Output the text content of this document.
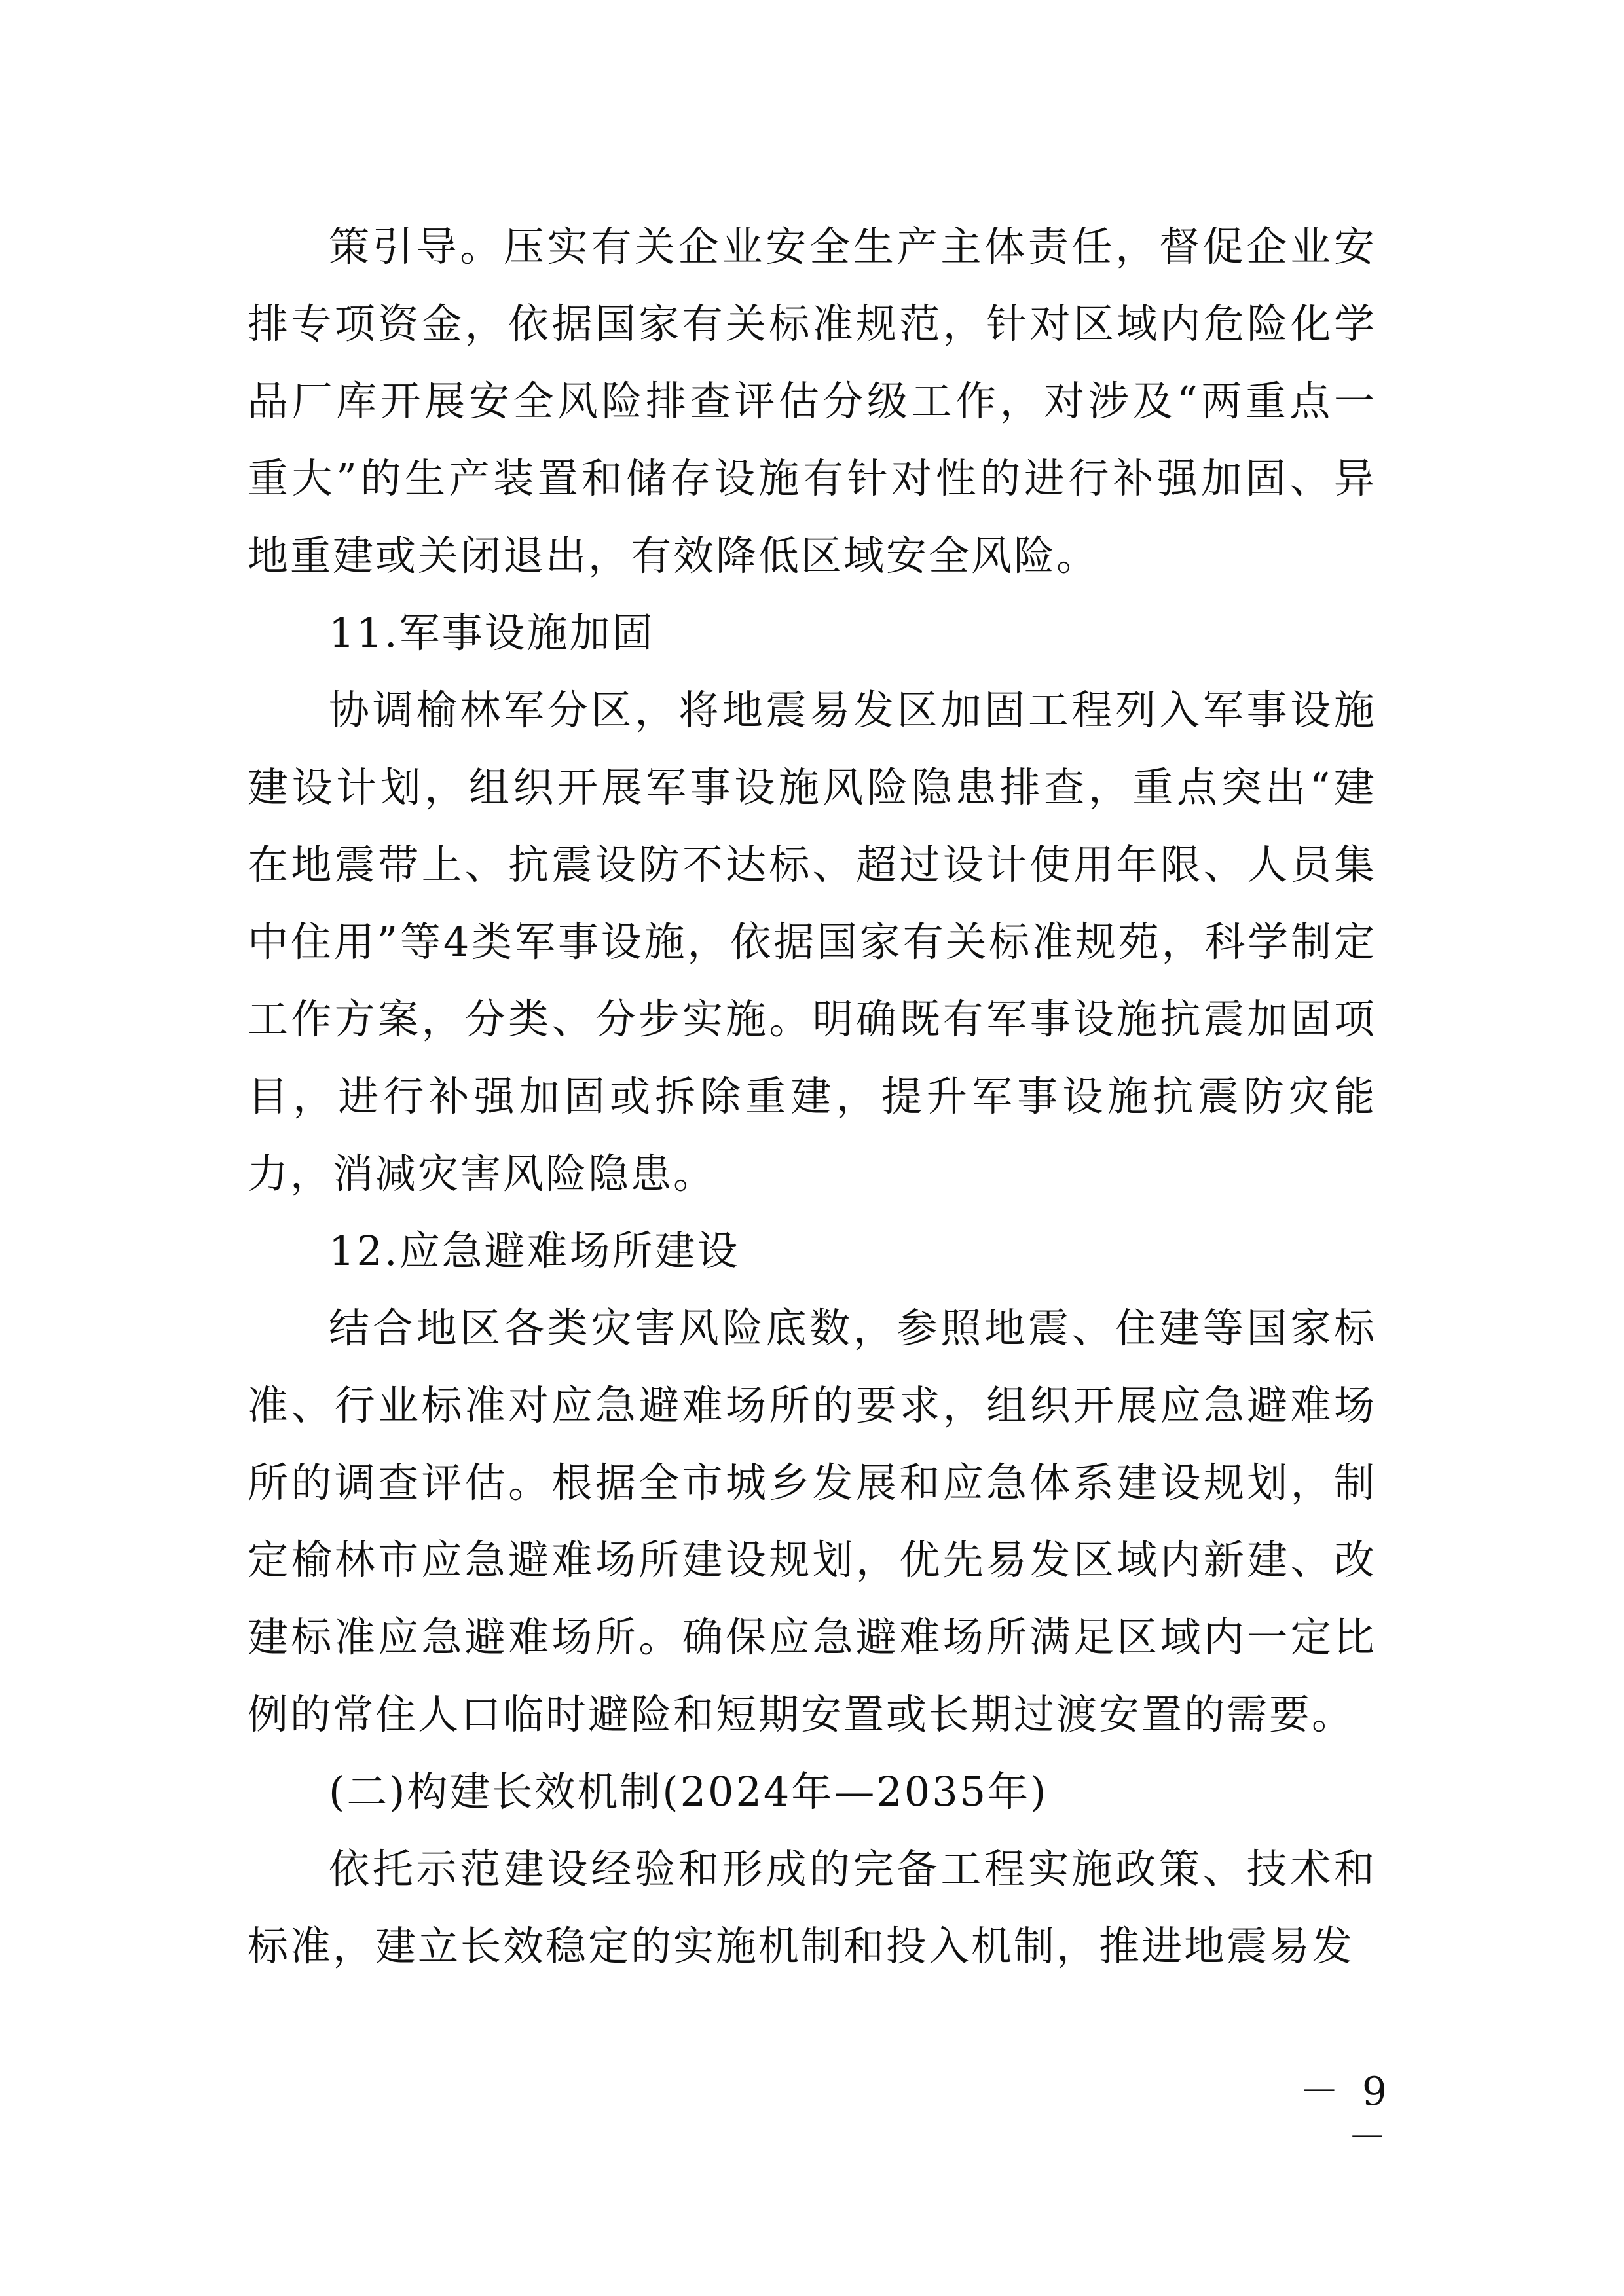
策引导。压实有关企业安全生产主体责任，督促企业安排专项资金，依据国家有关标准规范，针对区域内危险化学品厂库开展安全风险排查评估分级工作，对涉及“两重点一重大”的生产装置和储存设施有针对性的进行补强加固、异地重建或关闭退出，有效降低区域安全风险。

11.军事设施加固

协调榆林军分区，将地震易发区加固工程列入军事设施建设计划，组织开展军事设施风险隐患排查，重点突出“建在地震带上、抗震设防不达标、超过设计使用年限、人员集中住用”等4类军事设施，依据国家有关标准规苑，科学制定工作方案，分类、分步实施。明确既有军事设施抗震加固项目，进行补强加固或拆除重建，提升军事设施抗震防灾能力，消减灾害风险隐患。

12.应急避难场所建设

结合地区各类灾害风险底数，参照地震、住建等国家标准、行业标准对应急避难场所的要求，组织开展应急避难场所的调查评估。根据全市城乡发展和应急体系建设规划，制定榆林市应急避难场所建设规划，优先易发区域内新建、改建标准应急避难场所。确保应急避难场所满足区域内一定比例的常住人口临时避险和短期安置或长期过渡安置的需要。

(二)构建长效机制(2024年—2035年)

依托示范建设经验和形成的完备工程实施政策、技术和标准，建立长效稳定的实施机制和投入机制，推进地震易发

－ 9 －
